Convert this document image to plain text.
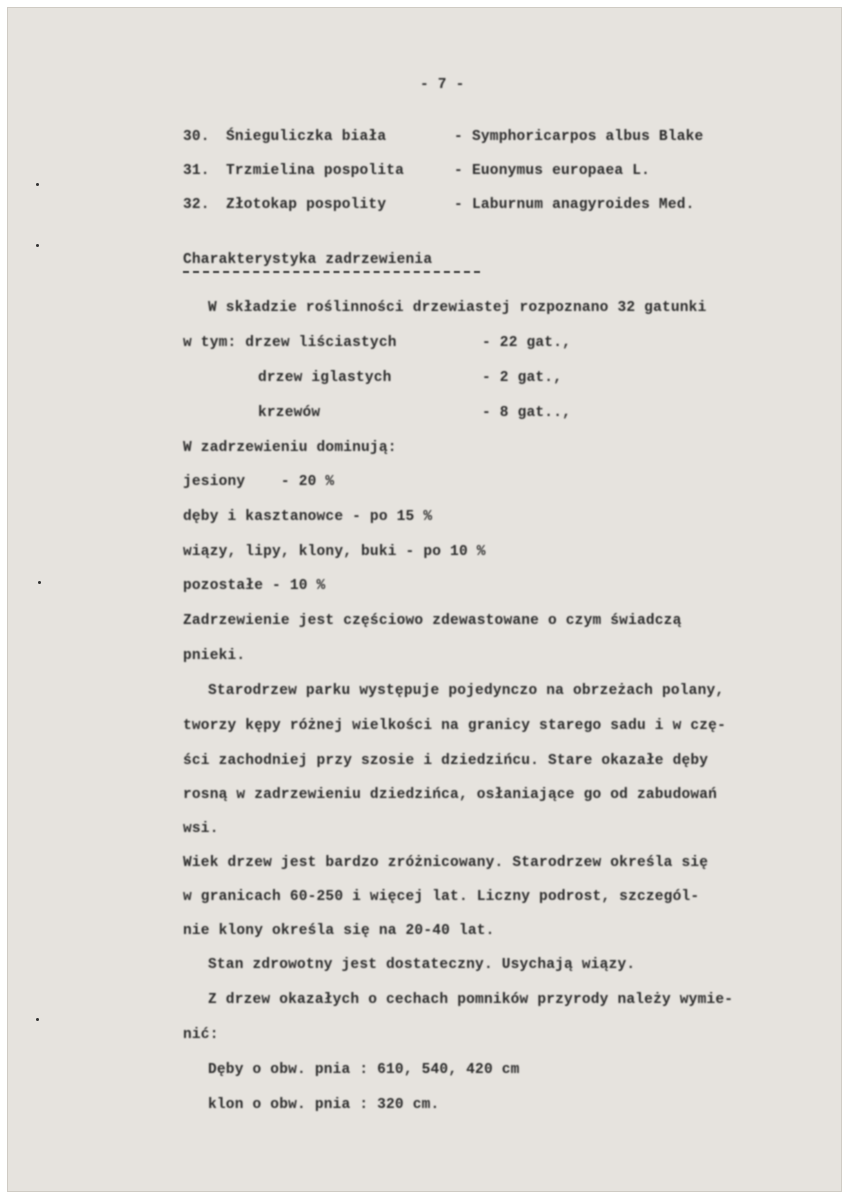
- 7 -
30. Śnieguliczka biała	- Symphoricarpos albus Blake
31. Trzmielina pospolita	- Euonymus europaea L.
32. Złotokap pospolity	- Laburnum anagyroides Med.
Charakterystyka zadrzewienia
W składzie roślinności drzewiastej rozpoznano 32 gatunki
w tym: drzew liściastych	- 22 gat.,
drzew iglastych	- 2 gat.,
krzewów	- 8 gat..,
W zadrzewieniu dominują:
jesiony    - 20 %
dęby i kasztanowce - po 15 %
wiązy, lipy, klony, buki - po 10 %
pozostałe - 10 %
Zadrzewienie jest częściowo zdewastowane o czym świadczą
pnieki.
Starodrzew parku występuje pojedynczo na obrzeżach polany,
tworzy kępy różnej wielkości na granicy starego sadu i w czę-
ści zachodniej przy szosie i dziedzińcu. Stare okazałe dęby
rosną w zadrzewieniu dziedzińca, osłaniające go od zabudowań
wsi.
Wiek drzew jest bardzo zróżnicowany. Starodrzew określa się
w granicach 60-250 i więcej lat. Liczny podrost, szczegól-
nie klony określa się na 20-40 lat.
Stan zdrowotny jest dostateczny. Usychają wiązy.
Z drzew okazałych o cechach pomników przyrody należy wymie-
nić:
Dęby o obw. pnia : 610, 540, 420 cm
klon o obw. pnia : 320 cm.
